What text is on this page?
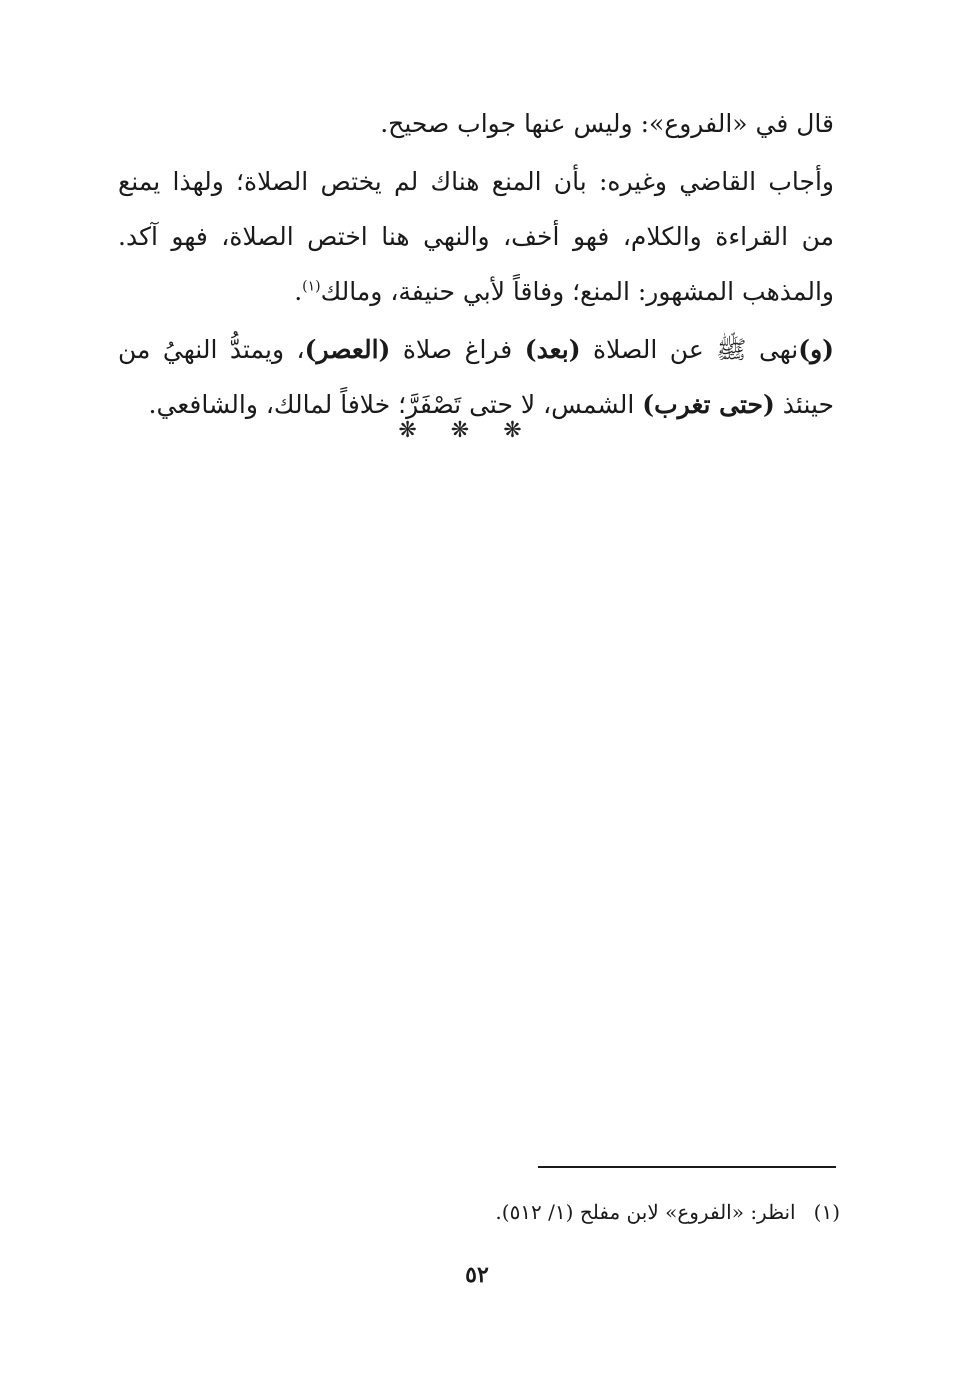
قال في «الفروع»: وليس عنها جواب صحيح.

وأجاب القاضي وغيره: بأن المنع هناك لم يختص الصلاة؛ ولهذا يمنع
من القراءة والكلام، فهو أخف، والنهي هنا اختص الصلاة، فهو آكد.
والمذهب المشهور: المنع؛ وفاقاً لأبي حنيفة، ومالك$^{(١)}$.

(و)نهى ﷺ عن الصلاة (بعد) فراغ صلاة (العصر)، ويمتدُّ النهيُ من
حينئذ (حتى تغرب) الشمس، لا حتى تَصْفَرَّ؛ خلافاً لمالك، والشافعي.

❋❋❋
(١)انظر: «الفروع» لابن مفلح (١/ ٥١٢).
٥٢
